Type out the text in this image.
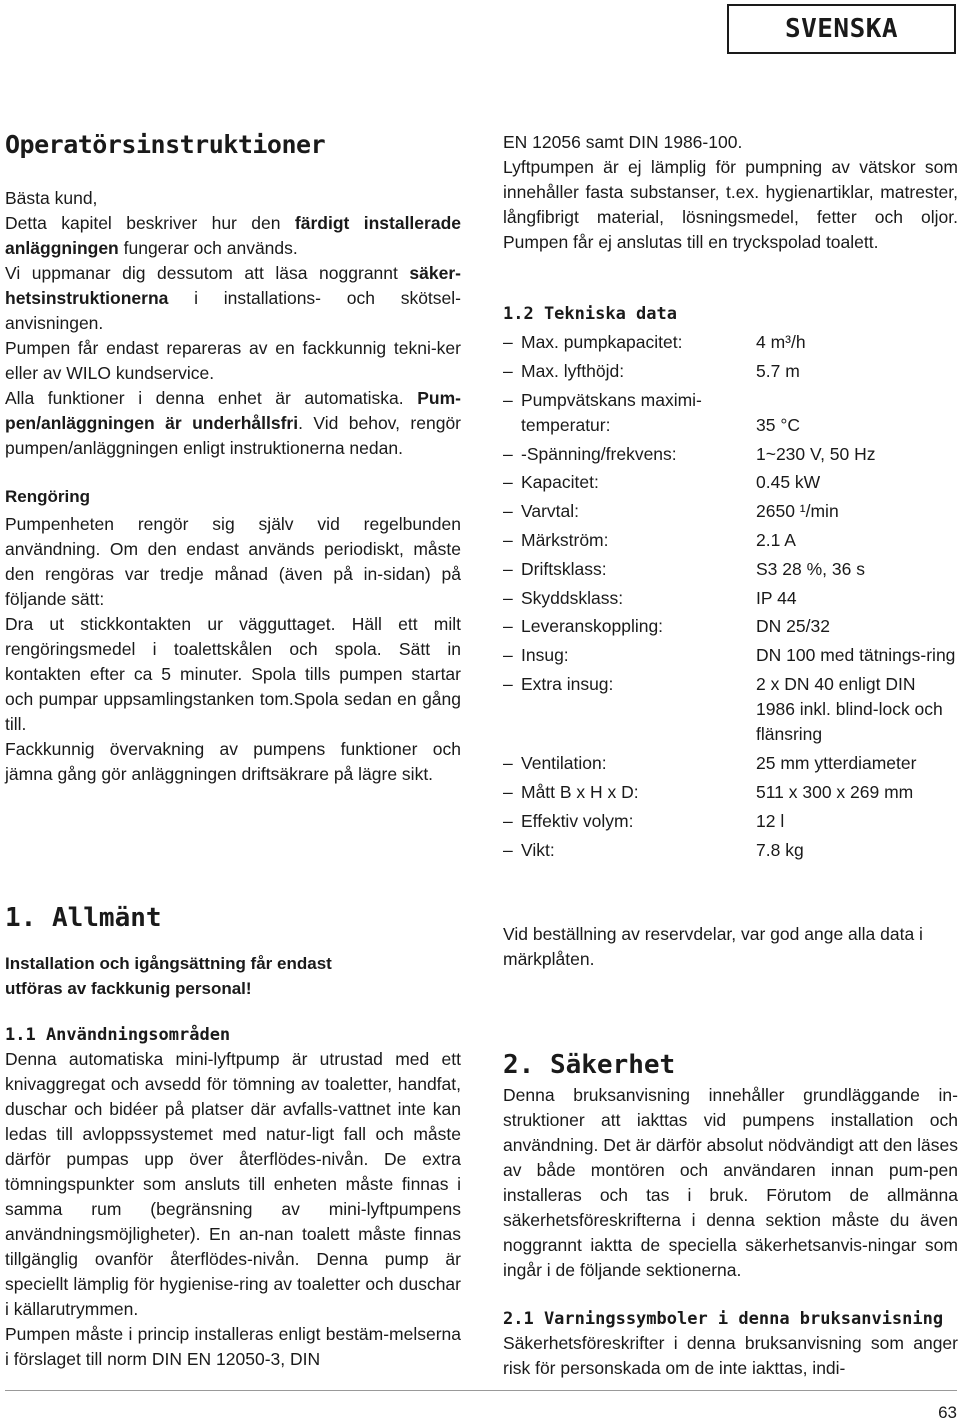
SVENSKA
Operatörsinstruktioner
Bästa kund,
Detta kapitel beskriver hur den färdigt installerade anläggningen fungerar och används.
Vi uppmanar dig dessutom att läsa noggrannt säker-hetsinstruktionerna i installations- och skötsel-anvisningen.
Pumpen får endast repareras av en fackkunnig tekni-ker eller av WILO kundservice.
Alla funktioner i denna enhet är automatiska. Pum-pen/anläggningen är underhållsfri. Vid behov, rengör pumpen/anläggningen enligt instruktionerna nedan.
Rengöring
Pumpenheten rengör sig själv vid regelbunden användning. Om den endast används periodiskt, måste den rengöras var tredje månad (även på in-sidan) på följande sätt:
Dra ut stickkontakten ur vägguttaget. Häll ett milt rengöringsmedel i toalettskålen och spola. Sätt in kontakten efter ca 5 minuter. Spola tills pumpen startar och pumpar uppsamlingstanken tom.Spola sedan en gång till.
Fackkunnig övervakning av pumpens funktioner och jämna gång gör anläggningen driftsäkrare på lägre sikt.
1. Allmänt
Installation och igångsättning får endast utföras av fackkunig personal!
1.1 Användningsområden
Denna automatiska mini-lyftpump är utrustad med ett knivaggregat och avsedd för tömning av toaletter, handfat, duschar och bidéer på platser där avfalls-vattnet inte kan ledas till avloppssystemet med natur-ligt fall och måste därför pumpas upp över återflödes-nivån. De extra tömningspunkter som ansluts till enheten måste finnas i samma rum (begränsning av mini-lyftpumpens användningsmöjligheter). En an-nan toalett måste finnas tillgänglig ovanför återflödes-nivån. Denna pump är speciellt lämplig för hygienise-ring av toaletter och duschar i källarutrymmen.
Pumpen måste i princip installeras enligt bestäm-melserna i förslaget till norm DIN EN 12050-3, DIN
EN 12056 samt DIN 1986-100.
Lyftpumpen är ej lämplig för pumpning av vätskor som innehåller fasta substanser, t.ex. hygienartiklar, matrester, långfibrigt material, lösningsmedel, fetter och oljor. Pumpen får ej anslutas till en tryckspolad toalett.
1.2 Tekniska data
– Max. pumpkapacitet:	4 m³/h
– Max. lyfthöjd:	5.7 m
– Pumpvätskans maximi-temperatur:	35 °C
– -Spänning/frekvens:	1~230 V, 50 Hz
– Kapacitet:	0.45 kW
– Varvtal:	2650 ¹/min
– Märkström:	2.1 A
– Driftsklass:	S3 28 %, 36 s
– Skyddsklass:	IP 44
– Leveranskoppling:	DN 25/32
– Insug:	DN 100 med tätnings-ring
– Extra insug:	2 x DN 40 enligt DIN 1986 inkl. blind-lock och flänsring
– Ventilation:	25 mm ytterdiameter
– Mått B x H x D:	511 x 300 x 269 mm
– Effektiv volym:	12 l
– Vikt:	7.8 kg
Vid beställning av reservdelar, var god ange alla data i märkplåten.
2. Säkerhet
Denna bruksanvisning innehåller grundläggande in-struktioner att iakttas vid pumpens installation och användning. Det är därför absolut nödvändigt att den läses av både montören och användaren innan pum-pen installeras och tas i bruk. Förutom de allmänna säkerhetsföreskrifterna i denna sektion måste du även noggrannt iakttа de speciella säkerhetsanvis-ningar som ingår i de följande sektionerna.
2.1 Varningssymboler i denna bruksanvisning
Säkerhetsföreskrifter i denna bruksanvisning som anger risk för personskada om de inte iakttas, indi-
63
